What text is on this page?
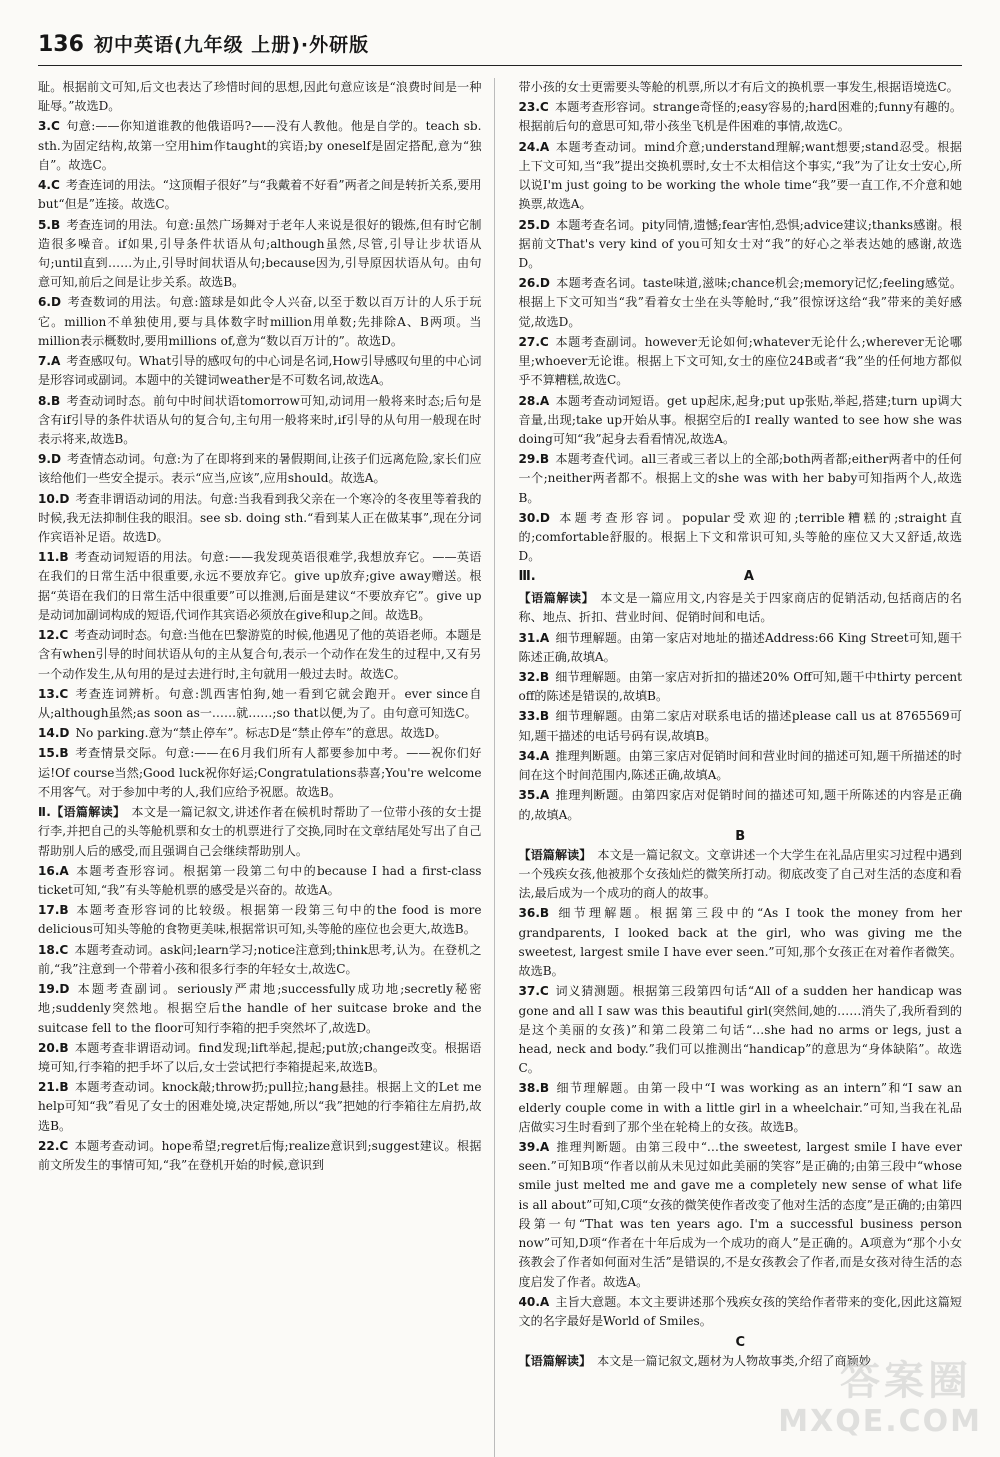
136 初中英语(九年级 上册)·外研版
耻。根据前文可知,后文也表达了珍惜时间的思想,因此句意应该是“浪费时间是一种耻辱。”故选D。
3.C 句意:——你知道谁教的他俄语吗?——没有人教他。他是自学的。teach sb. sth.为固定结构,故第一空用him作taught的宾语;by oneself是固定搭配,意为“独自”。故选C。
4.C 考查连词的用法。“这顶帽子很好”与“我戴着不好看”两者之间是转折关系,要用but“但是”连接。故选C。
5.B 考查连词的用法。句意:虽然广场舞对于老年人来说是很好的锻炼,但有时它制造很多噪音。if如果,引导条件状语从句;although虽然,尽管,引导让步状语从句;until直到……为止,引导时间状语从句;because因为,引导原因状语从句。由句意可知,前后之间是让步关系。故选B。
6.D 考查数词的用法。句意:篮球是如此令人兴奋,以至于数以百万计的人乐于玩它。million不单独使用,要与具体数字时million用单数;先排除A、B两项。当million表示概数时,要用millions of,意为“数以百万计的”。故选D。
7.A 考查感叹句。What引导的感叹句的中心词是名词,How引导感叹句里的中心词是形容词或副词。本题中的关键词weather是不可数名词,故选A。
8.B 考查动词时态。前句中时间状语tomorrow可知,动词用一般将来时态;后句是含有if引导的条件状语从句的复合句,主句用一般将来时,if引导的从句用一般现在时表示将来,故选B。
9.D 考查情态动词。句意:为了在即将到来的暑假期间,让孩子们远离危险,家长们应该给他们一些安全提示。表示“应当,应该”,应用should。故选A。
10.D 考查非谓语动词的用法。句意:当我看到我父亲在一个寒冷的冬夜里等着我的时候,我无法抑制住我的眼泪。see sb. doing sth.“看到某人正在做某事”,现在分词作宾语补足语。故选D。
11.B 考查动词短语的用法。句意:——我发现英语很难学,我想放弃它。——英语在我们的日常生活中很重要,永远不要放弃它。give up放弃;give away赠送。根据“英语在我们的日常生活中很重要”可以推测,后面是建议“不要放弃它”。give up是动词加副词构成的短语,代词作其宾语必须放在give和up之间。故选B。
12.C 考查动词时态。句意:当他在巴黎游览的时候,他遇见了他的英语老师。本题是含有when引导的时间状语从句的主从复合句,表示一个动作在发生的过程中,又有另一个动作发生,从句用的是过去进行时,主句就用一般过去时。故选C。
13.C 考查连词辨析。句意:凯西害怕狗,她一看到它就会跑开。ever since自从;although虽然;as soon as一……就……;so that以便,为了。由句意可知选C。
14.D No parking.意为“禁止停车”。标志D是“禁止停车”的意思。故选D。
15.B 考查情景交际。句意:——在6月我们所有人都要参加中考。——祝你们好运!Of course当然;Good luck祝你好运;Congratulations恭喜;You're welcome不用客气。对于参加中考的人,我们应给予祝愿。故选B。
Ⅱ.【语篇解读】 本文是一篇记叙文,讲述作者在候机时帮助了一位带小孩的女士提行李,并把自己的头等舱机票和女士的机票进行了交换,同时在文章结尾处写出了自己帮助别人后的感受,而且强调自己会继续帮助别人。
16.A 本题考查形容词。根据第一段第二句中的because I had a first-class ticket可知,“我”有头等舱机票的感受是兴奋的。故选A。
17.B 本题考查形容词的比较级。根据第一段第三句中的the food is more delicious可知头等舱的食物更美味,根据常识可知,头等舱的座位也会更大,故选B。
18.C 本题考查动词。ask问;learn学习;notice注意到;think思考,认为。在登机之前,“我”注意到一个带着小孩和很多行李的年轻女士,故选C。
19.D 本题考查副词。seriously严肃地;successfully成功地;secretly秘密地;suddenly突然地。根据空后the handle of her suitcase broke and the suitcase fell to the floor可知行李箱的把手突然坏了,故选D。
20.B 本题考查非谓语动词。find发现;lift举起,提起;put放;change改变。根据语境可知,行李箱的把手坏了以后,女士尝试把行李箱提起来,故选B。
21.B 本题考查动词。knock敲;throw扔;pull拉;hang悬挂。根据上文的Let me help可知“我”看见了女士的困难处境,决定帮她,所以“我”把她的行李箱往左肩扔,故选B。
22.C 本题考查动词。hope希望;regret后悔;realize意识到;suggest建议。根据前文所发生的事情可知,“我”在登机开始的时候,意识到
带小孩的女士更需要头等舱的机票,所以才有后文的换机票一事发生,根据语境选C。
23.C 本题考查形容词。strange奇怪的;easy容易的;hard困难的;funny有趣的。根据前后句的意思可知,带小孩坐飞机是件困难的事情,故选C。
24.A 本题考查动词。mind介意;understand理解;want想要;stand忍受。根据上下文可知,当“我”提出交换机票时,女士不太相信这个事实,“我”为了让女士安心,所以说I'm just going to be working the whole time“我”要一直工作,不介意和她换票,故选A。
25.D 本题考查名词。pity同情,遗憾;fear害怕,恐惧;advice建议;thanks感谢。根据前文That's very kind of you可知女士对“我”的好心之举表达她的感谢,故选D。
26.D 本题考查名词。taste味道,滋味;chance机会;memory记忆;feeling感觉。根据上下文可知当“我”看着女士坐在头等舱时,“我”很惊讶这给“我”带来的美好感觉,故选D。
27.C 本题考查副词。however无论如何;whatever无论什么;wherever无论哪里;whoever无论谁。根据上下文可知,女士的座位24B或者“我”坐的任何地方都似乎不算糟糕,故选C。
28.A 本题考查动词短语。get up起床,起身;put up张贴,举起,搭建;turn up调大音量,出现;take up开始从事。根据空后的I really wanted to see how she was doing可知“我”起身去看看情况,故选A。
29.B 本题考查代词。all三者或三者以上的全部;both两者都;either两者中的任何一个;neither两者都不。根据上文的she was with her baby可知指两个人,故选B。
30.D 本题考查形容词。popular受欢迎的;terrible糟糕的;straight直的;comfortable舒服的。根据上下文和常识可知,头等舱的座位又大又舒适,故选D。
Ⅲ.	A
【语篇解读】 本文是一篇应用文,内容是关于四家商店的促销活动,包括商店的名称、地点、折扣、营业时间、促销时间和电话。
31.A 细节理解题。由第一家店对地址的描述Address:66 King Street可知,题干陈述正确,故填A。
32.B 细节理解题。由第一家店对折扣的描述20% Off可知,题干中thirty percent off的陈述是错误的,故填B。
33.B 细节理解题。由第二家店对联系电话的描述please call us at 8765569可知,题干描述的电话号码有误,故填B。
34.A 推理判断题。由第三家店对促销时间和营业时间的描述可知,题干所描述的时间在这个时间范围内,陈述正确,故填A。
35.A 推理判断题。由第四家店对促销时间的描述可知,题干所陈述的内容是正确的,故填A。
B
【语篇解读】 本文是一篇记叙文。文章讲述一个大学生在礼品店里实习过程中遇到一个残疾女孩,他被那个女孩灿烂的微笑所打动。彻底改变了自己对生活的态度和看法,最后成为一个成功的商人的故事。
36.B 细节理解题。根据第三段中的“As I took the money from her grandparents, I looked back at the girl, who was giving me the sweetest, largest smile I have ever seen.”可知,那个女孩正在对着作者微笑。故选B。
37.C 词义猜测题。根据第三段第四句话“All of a sudden her handicap was gone and all I saw was this beautiful girl(突然间,她的……消失了,我所看到的是这个美丽的女孩)”和第二段第二句话“…she had no arms or legs, just a head, neck and body.”我们可以推测出“handicap”的意思为“身体缺陷”。故选C。
38.B 细节理解题。由第一段中“I was working as an intern”和“I saw an elderly couple come in with a little girl in a wheelchair.”可知,当我在礼品店做实习生时看到了那个坐在轮椅上的女孩。故选B。
39.A 推理判断题。由第三段中“…the sweetest, largest smile I have ever seen.”可知B项“作者以前从未见过如此美丽的笑容”是正确的;由第三段中“whose smile just melted me and gave me a completely new sense of what life is all about”可知,C项“女孩的微笑使作者改变了他对生活的态度”是正确的;由第四段第一句“That was ten years ago. I'm a successful business person now”可知,D项“作者在十年后成为一个成功的商人”是正确的。A项意为“那个小女孩教会了作者如何面对生活”是错误的,不是女孩教会了作者,而是女孩对待生活的态度启发了作者。故选A。
40.A 主旨大意题。本文主要讲述那个残疾女孩的笑给作者带来的变化,因此这篇短文的名字最好是World of Smiles。
C
【语篇解读】 本文是一篇记叙文,题材为人物故事类,介绍了商颖妙
答案圈
MXQE.COM
